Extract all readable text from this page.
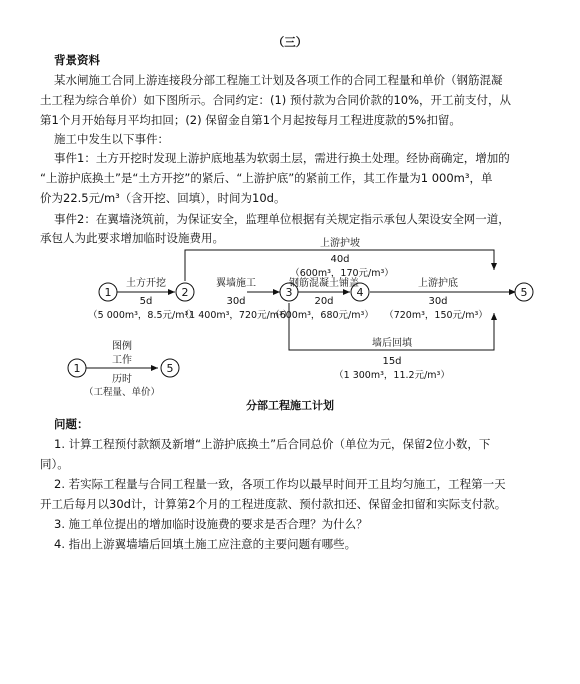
（三）
背景资料
某水闸施工合同上游连接段分部工程施工计划及各项工作的合同工程量和单价（钢筋混凝
土工程为综合单价）如下图所示。合同约定：(1) 预付款为合同价款的10%，开工前支付，从
第1个月开始每月平均扣回；(2) 保留金自第1个月起按每月工程进度款的5%扣留。
施工中发生以下事件：
事件1：土方开挖时发现上游护底地基为软弱土层，需进行换土处理。经协商确定，增加的
“上游护底换土”是“土方开挖”的紧后、“上游护底”的紧前工作，其工作量为1 000m³，单
价为22.5元/m³（含开挖、回填），时间为10d。
事件2：在翼墙浇筑前，为保证安全，监理单位根据有关规定指示承包人架设安全网一道，
承包人为此要求增加临时设施费用。
1	2	3	4	5
土方开挖
5d
（5 000m³，8.5元/m³）
翼墙施工
30d
（1 400m³，720元/m³）
钢筋混凝土铺盖
20d
（600m³，680元/m³）
上游护底
30d
（720m³，150元/m³）
上游护坡
40d
（600m³，170元/m³）
墙后回填
15d
（1 300m³，11.2元/m³）
图例
1	5
工作
历时
（工程量、单价）
分部工程施工计划
问题：
1. 计算工程预付款额及新增“上游护底换土”后合同总价（单位为元，保留2位小数，下
同）。
2. 若实际工程量与合同工程量一致，各项工作均以最早时间开工且均匀施工，工程第一天
开工后每月以30d计，计算第2个月的工程进度款、预付款扣还、保留金扣留和实际支付款。
3. 施工单位提出的增加临时设施费的要求是否合理？为什么？
4. 指出上游翼墙墙后回填土施工应注意的主要问题有哪些。
